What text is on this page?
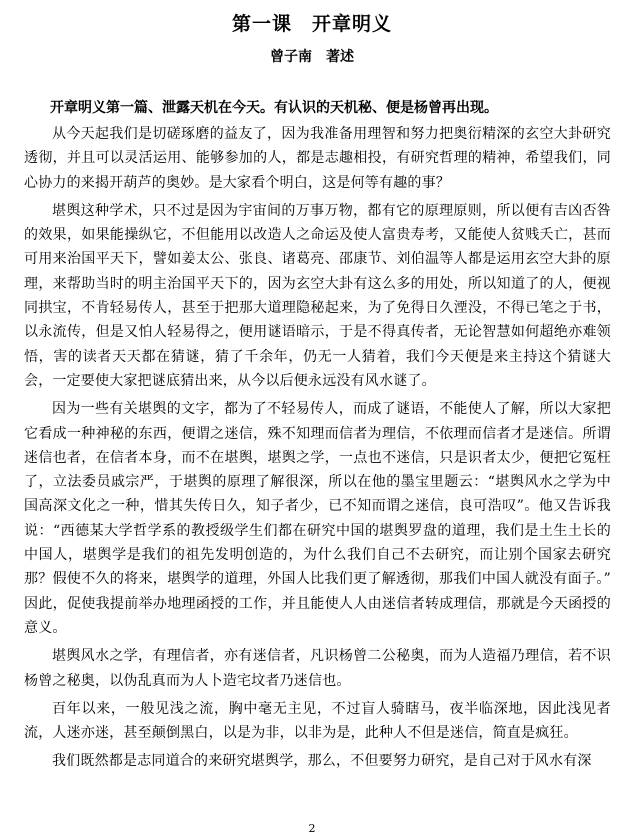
第一课　开章明义
曾子南　著述
开章明义第一篇、泄露天机在今天。有认识的天机秘、便是杨曾再出现。

从今天起我们是切磋琢磨的益友了，因为我准备用理智和努力把奥衍精深的玄空大卦研究透彻，并且可以灵活运用、能够参加的人，都是志趣相投，有研究哲理的精神，希望我们，同心协力的来揭开葫芦的奥妙。是大家看个明白，这是何等有趣的事？

堪舆这种学术，只不过是因为宇宙间的万事万物，都有它的原理原则，所以便有吉凶否咎的效果，如果能操纵它，不但能用以改造人之命运及使人富贵寿考，又能使人贫贱夭亡，甚而可用来治国平天下，譬如姜太公、张良、诸葛亮、邵康节、刘伯温等人都是运用玄空大卦的原理，来帮助当时的明主治国平天下的，因为玄空大卦有这么多的用处，所以知道了的人，便视同拱宝，不肯轻易传人，甚至于把那大道理隐秘起来，为了免得日久湮没，不得已笔之于书，以永流传，但是又怕人轻易得之，便用谜语暗示，于是不得真传者，无论智慧如何超绝亦难领悟，害的读者天天都在猜谜，猜了千余年，仍无一人猜着，我们今天便是来主持这个猜谜大会，一定要使大家把谜底猜出来，从今以后便永远没有风水谜了。

因为一些有关堪舆的文字，都为了不轻易传人，而成了谜语，不能使人了解，所以大家把它看成一种神秘的东西，便谓之迷信，殊不知理而信者为理信，不依理而信者才是迷信。所谓迷信也者，在信者本身，而不在堪舆，堪舆之学，一点也不迷信，只是识者太少，便把它冤枉了，立法委员戚宗严，于堪舆的原理了解很深，所以在他的墨宝里题云：“堪舆风水之学为中国高深文化之一种，惜其失传日久，知子者少，已不知而谓之迷信，良可浩叹”。他又告诉我说：“西德某大学哲学系的教授级学生们都在研究中国的堪舆罗盘的道理，我们是土生土长的中国人，堪舆学是我们的祖先发明创造的，为什么我们自己不去研究，而让别个国家去研究那？假使不久的将来，堪舆学的道理，外国人比我们更了解透彻，那我们中国人就没有面子。” 因此，促使我提前举办地理函授的工作，并且能使人人由迷信者转成理信，那就是今天函授的意义。

堪舆风水之学，有理信者，亦有迷信者，凡识杨曾二公秘奥，而为人造福乃理信，若不识杨曾之秘奥，以伪乱真而为人卜造宅坟者乃迷信也。

百年以来，一般见浅之流，胸中毫无主见，不过盲人骑瞎马，夜半临深地，因此浅见者流，人迷亦迷，甚至颠倒黑白，以是为非，以非为是，此种人不但是迷信，简直是疯狂。

我们既然都是志同道合的来研究堪舆学，那么，不但要努力研究，是自己对于风水有深

2
